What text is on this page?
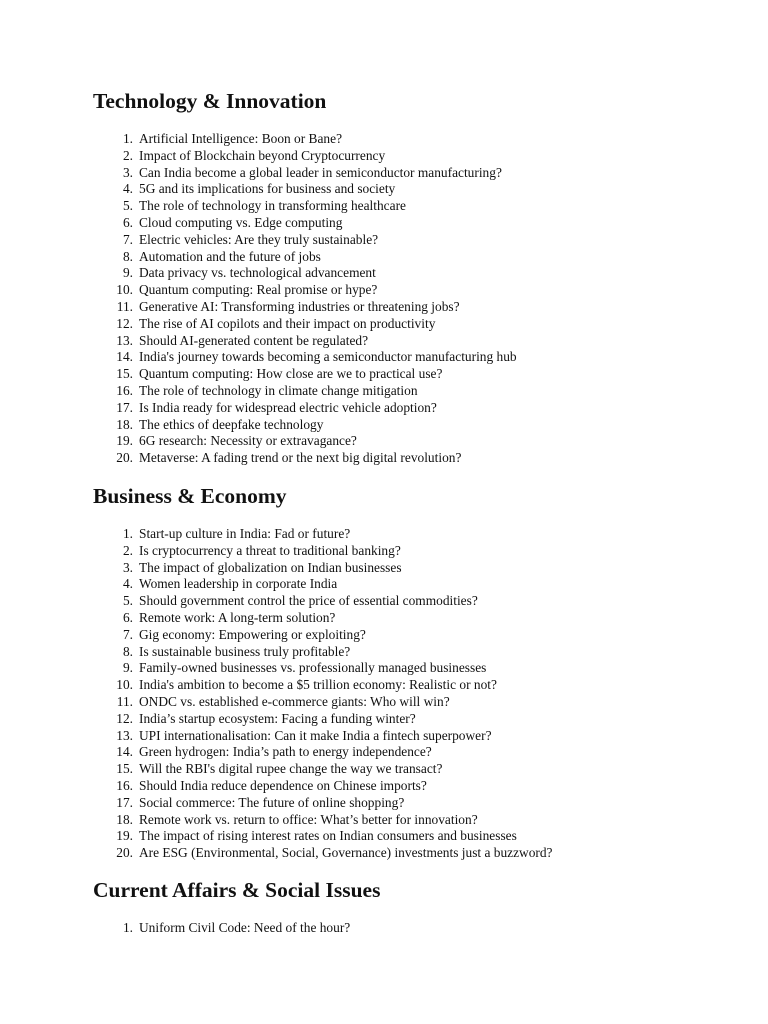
Technology & Innovation
1. Artificial Intelligence: Boon or Bane?
2. Impact of Blockchain beyond Cryptocurrency
3. Can India become a global leader in semiconductor manufacturing?
4. 5G and its implications for business and society
5. The role of technology in transforming healthcare
6. Cloud computing vs. Edge computing
7. Electric vehicles: Are they truly sustainable?
8. Automation and the future of jobs
9. Data privacy vs. technological advancement
10. Quantum computing: Real promise or hype?
11. Generative AI: Transforming industries or threatening jobs?
12. The rise of AI copilots and their impact on productivity
13. Should AI-generated content be regulated?
14. India's journey towards becoming a semiconductor manufacturing hub
15. Quantum computing: How close are we to practical use?
16. The role of technology in climate change mitigation
17. Is India ready for widespread electric vehicle adoption?
18. The ethics of deepfake technology
19. 6G research: Necessity or extravagance?
20. Metaverse: A fading trend or the next big digital revolution?
Business & Economy
1. Start-up culture in India: Fad or future?
2. Is cryptocurrency a threat to traditional banking?
3. The impact of globalization on Indian businesses
4. Women leadership in corporate India
5. Should government control the price of essential commodities?
6. Remote work: A long-term solution?
7. Gig economy: Empowering or exploiting?
8. Is sustainable business truly profitable?
9. Family-owned businesses vs. professionally managed businesses
10. India's ambition to become a $5 trillion economy: Realistic or not?
11. ONDC vs. established e-commerce giants: Who will win?
12. India’s startup ecosystem: Facing a funding winter?
13. UPI internationalisation: Can it make India a fintech superpower?
14. Green hydrogen: India’s path to energy independence?
15. Will the RBI's digital rupee change the way we transact?
16. Should India reduce dependence on Chinese imports?
17. Social commerce: The future of online shopping?
18. Remote work vs. return to office: What’s better for innovation?
19. The impact of rising interest rates on Indian consumers and businesses
20. Are ESG (Environmental, Social, Governance) investments just a buzzword?
Current Affairs & Social Issues
1. Uniform Civil Code: Need of the hour?
